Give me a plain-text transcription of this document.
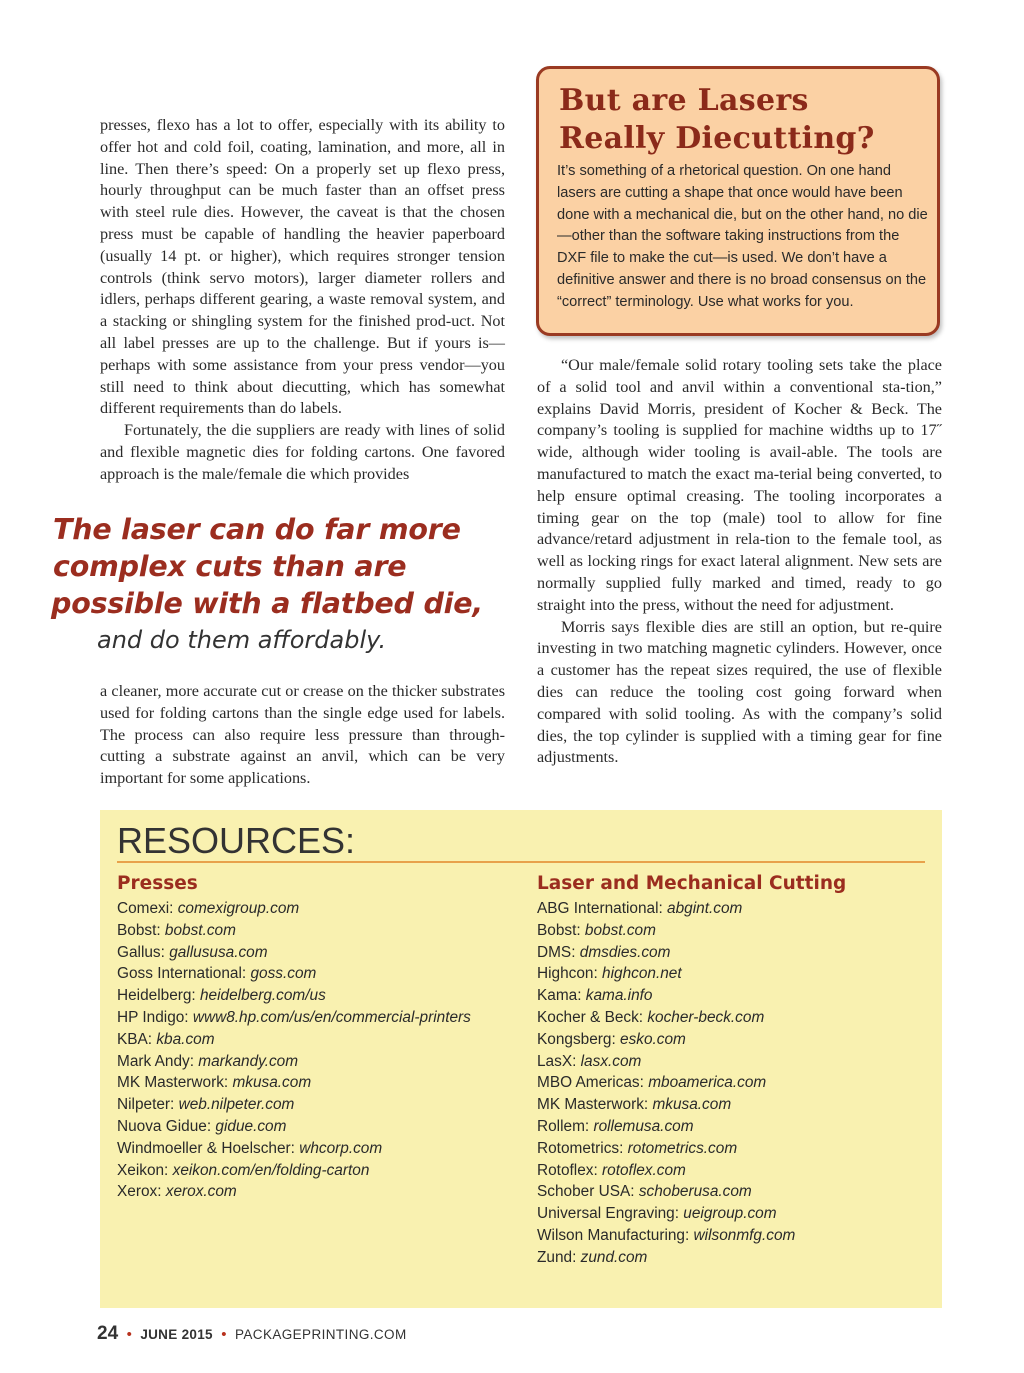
presses, flexo has a lot to offer, especially with its ability to offer hot and cold foil, coating, lamination, and more, all in line. Then there’s speed: On a properly set up flexo press, hourly throughput can be much faster than an offset press with steel rule dies. However, the caveat is that the chosen press must be capable of handling the heavier paperboard (usually 14 pt. or higher), which requires stronger tension controls (think servo motors), larger diameter rollers and idlers, perhaps different gearing, a waste removal system, and a stacking or shingling system for the finished prod-uct. Not all label presses are up to the challenge. But if yours is—perhaps with some assistance from your press vendor—you still need to think about diecutting, which has somewhat different requirements than do labels.

Fortunately, the die suppliers are ready with lines of solid and flexible magnetic dies for folding cartons. One favored approach is the male/female die which provides

The laser can do far more
complex cuts than are
possible with a flatbed die,
and do them affordably.

a cleaner, more accurate cut or crease on the thicker substrates used for folding cartons than the single edge used for labels. The process can also require less pressure than through-cutting a substrate against an anvil, which can be very important for some applications.

But are Lasers
Really Diecutting?
It’s something of a rhetorical question. On one hand lasers are cutting a shape that once would have been done with a mechanical die, but on the other hand, no die—other than the software taking instructions from the DXF file to make the cut—is used. We don’t have a definitive answer and there is no broad consensus on the “correct” terminology. Use what works for you.

“Our male/female solid rotary tooling sets take the place of a solid tool and anvil within a conventional sta-tion,” explains David Morris, president of Kocher & Beck. The company’s tooling is supplied for machine widths up to 17˝ wide, although wider tooling is avail-able. The tools are manufactured to match the exact ma-terial being converted, to help ensure optimal creasing. The tooling incorporates a timing gear on the top (male) tool to allow for fine advance/retard adjustment in rela-tion to the female tool, as well as locking rings for exact lateral alignment. New sets are normally supplied fully marked and timed, ready to go straight into the press, without the need for adjustment.

Morris says flexible dies are still an option, but re-quire investing in two matching magnetic cylinders. However, once a customer has the repeat sizes required, the use of flexible dies can reduce the tooling cost going forward when compared with solid tooling. As with the company’s solid dies, the top cylinder is supplied with a timing gear for fine adjustments.

RESOURCES:
Presses
Comexi: comexigroup.com
Bobst: bobst.com
Gallus: gallususa.com
Goss International: goss.com
Heidelberg: heidelberg.com/us
HP Indigo: www8.hp.com/us/en/commercial-printers
KBA: kba.com
Mark Andy: markandy.com
MK Masterwork: mkusa.com
Nilpeter: web.nilpeter.com
Nuova Gidue: gidue.com
Windmoeller & Hoelscher: whcorp.com
Xeikon: xeikon.com/en/folding-carton
Xerox: xerox.com
Laser and Mechanical Cutting
ABG International: abgint.com
Bobst: bobst.com
DMS: dmsdies.com
Highcon: highcon.net
Kama: kama.info
Kocher & Beck: kocher-beck.com
Kongsberg: esko.com
LasX: lasx.com
MBO Americas: mboamerica.com
MK Masterwork: mkusa.com
Rollem: rollemusa.com
Rotometrics: rotometrics.com
Rotoflex: rotoflex.com
Schober USA: schoberusa.com
Universal Engraving: ueigroup.com
Wilson Manufacturing: wilsonmfg.com
Zund: zund.com
24 • JUNE 2015 • PACKAGEPRINTING.COM
